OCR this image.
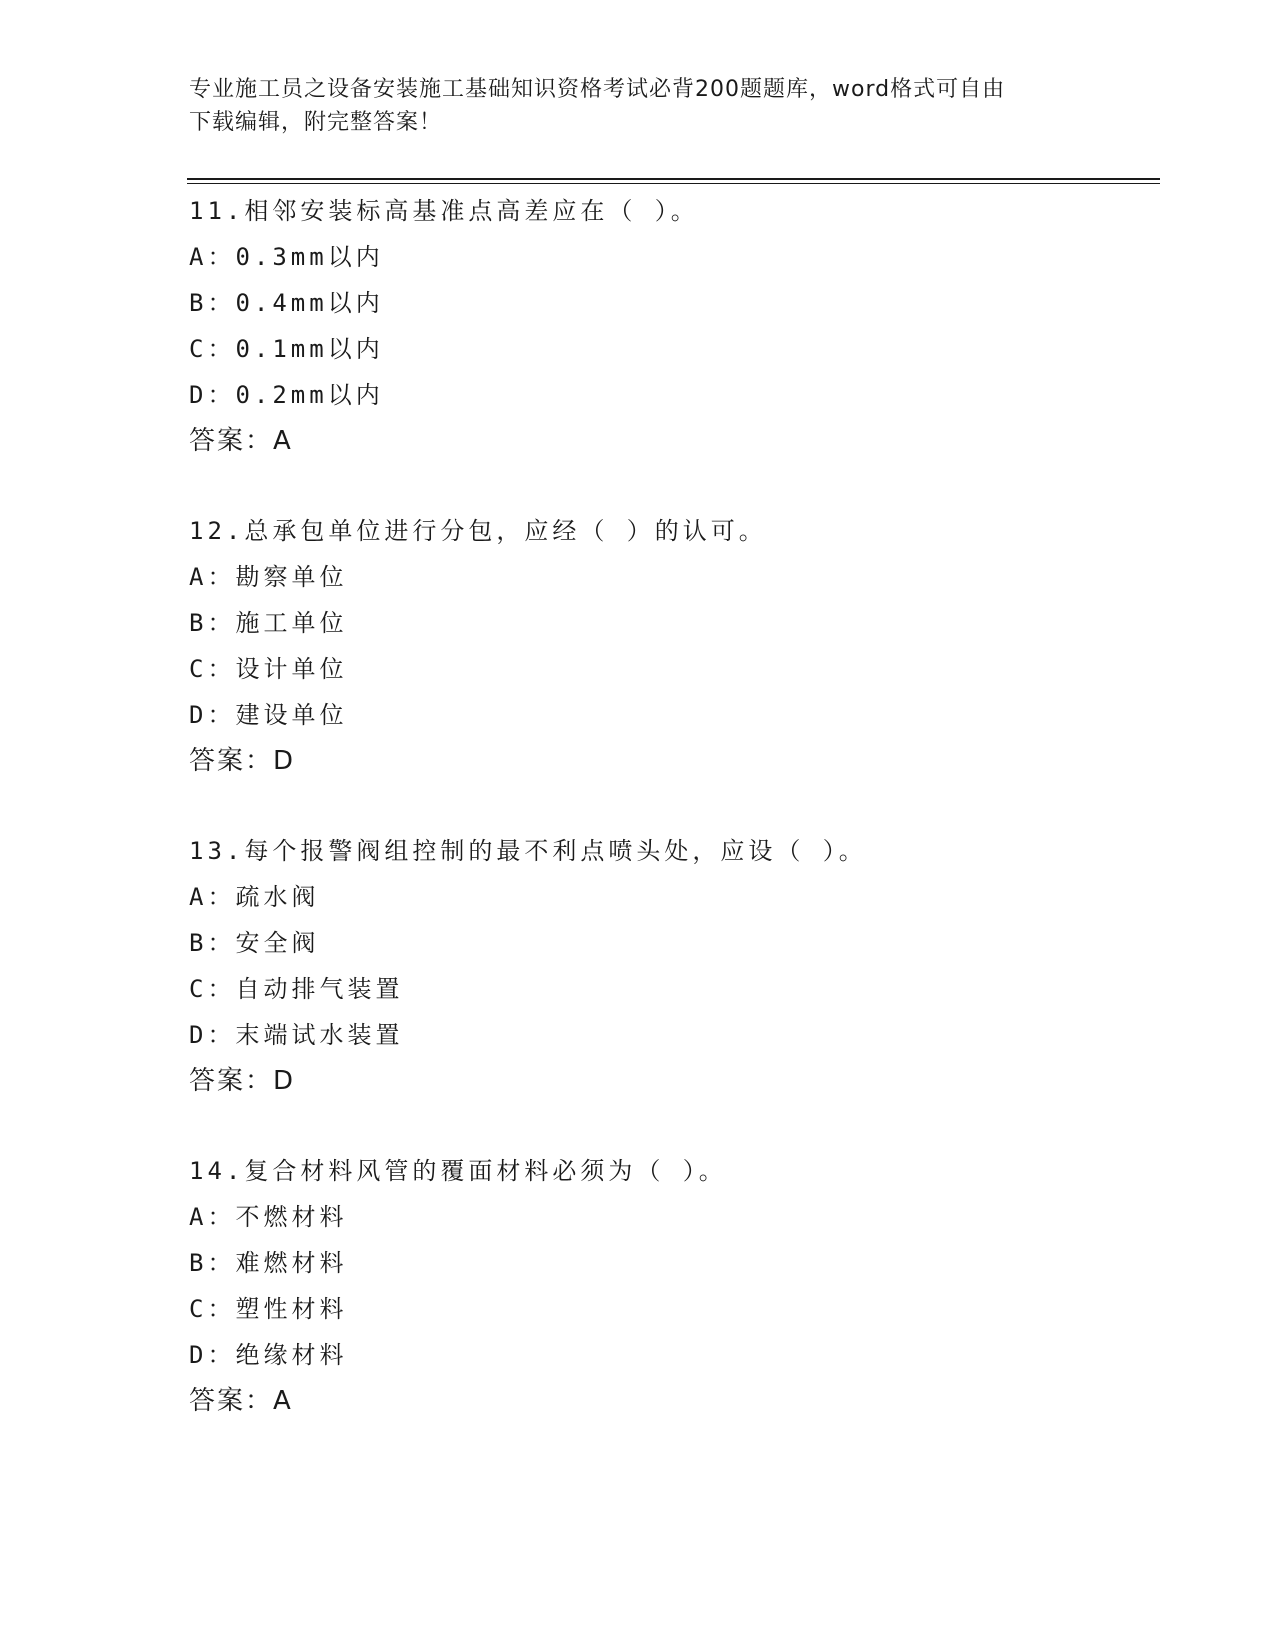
专业施工员之设备安装施工基础知识资格考试必背200题题库，word格式可自由
下载编辑，附完整答案！
11.相邻安装标高基准点高差应在（ ）。
A：0.3mm以内
B：0.4mm以内
C：0.1mm以内
D：0.2mm以内
答案：A
12.总承包单位进行分包，应经（ ）的认可。
A：勘察单位
B：施工单位
C：设计单位
D：建设单位
答案：D
13.每个报警阀组控制的最不利点喷头处，应设（ ）。
A：疏水阀
B：安全阀
C：自动排气装置
D：末端试水装置
答案：D
14.复合材料风管的覆面材料必须为（ ）。
A：不燃材料
B：难燃材料
C：塑性材料
D：绝缘材料
答案：A
